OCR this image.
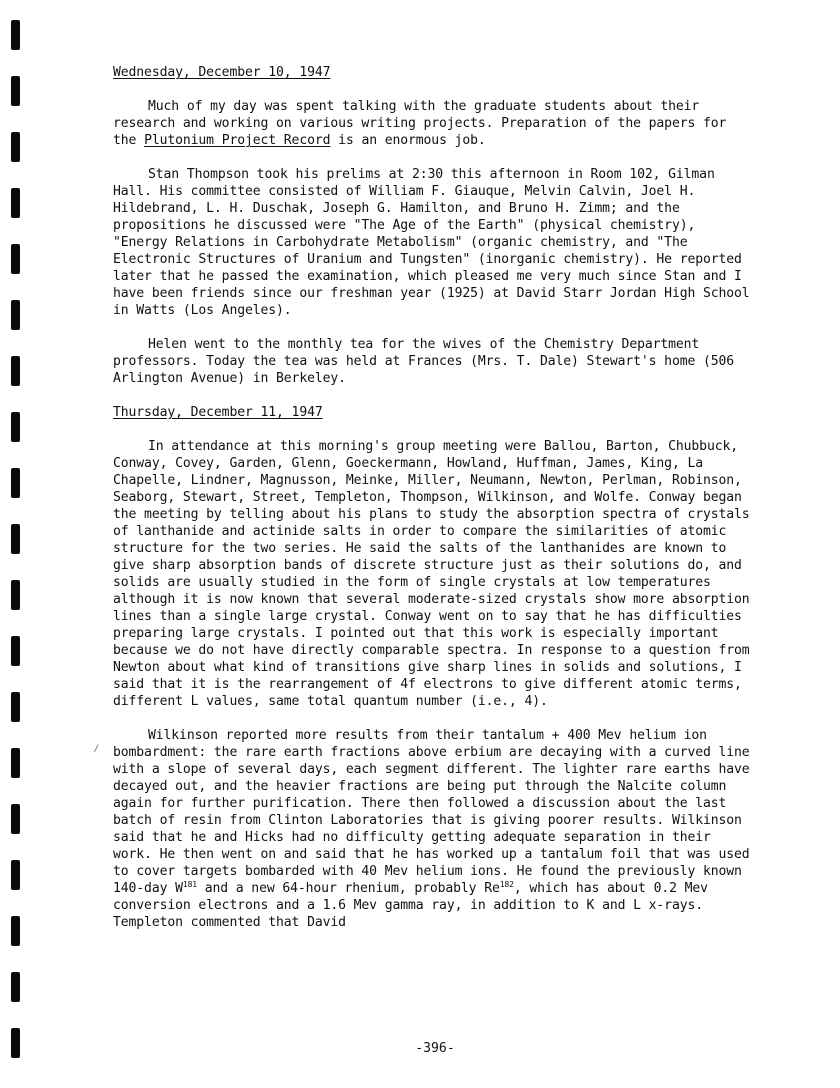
⁄
Wednesday, December 10, 1947

Much of my day was spent talking with the graduate students about their research and working on various writing projects. Preparation of the papers for the Plutonium Project Record is an enormous job.

Stan Thompson took his prelims at 2:30 this afternoon in Room 102, Gilman Hall. His committee consisted of William F. Giauque, Melvin Calvin, Joel H. Hildebrand, L. H. Duschak, Joseph G. Hamilton, and Bruno H. Zimm; and the propositions he discussed were "The Age of the Earth" (physical chemistry), "Energy Relations in Carbohydrate Metabolism" (organic chemistry, and "The Electronic Structures of Uranium and Tungsten" (inorganic chemistry). He reported later that he passed the examination, which pleased me very much since Stan and I have been friends since our freshman year (1925) at David Starr Jordan High School in Watts (Los Angeles).

Helen went to the monthly tea for the wives of the Chemistry Department professors. Today the tea was held at Frances (Mrs. T. Dale) Stewart's home (506 Arlington Avenue) in Berkeley.

Thursday, December 11, 1947

In attendance at this morning's group meeting were Ballou, Barton, Chubbuck, Conway, Covey, Garden, Glenn, Goeckermann, Howland, Huffman, James, King, La Chapelle, Lindner, Magnusson, Meinke, Miller, Neumann, Newton, Perlman, Robinson, Seaborg, Stewart, Street, Templeton, Thompson, Wilkinson, and Wolfe. Conway began the meeting by telling about his plans to study the absorption spectra of crystals of lanthanide and actinide salts in order to compare the similarities of atomic structure for the two series. He said the salts of the lanthanides are known to give sharp absorption bands of discrete structure just as their solutions do, and solids are usually studied in the form of single crystals at low temperatures although it is now known that several moderate-sized crystals show more absorption lines than a single large crystal. Conway went on to say that he has difficulties preparing large crystals. I pointed out that this work is especially important because we do not have directly comparable spectra. In response to a question from Newton about what kind of transitions give sharp lines in solids and solutions, I said that it is the rearrangement of 4f electrons to give different atomic terms, different L values, same total quantum number (i.e., 4).

Wilkinson reported more results from their tantalum + 400 Mev helium ion bombardment: the rare earth fractions above erbium are decaying with a curved line with a slope of several days, each segment different. The lighter rare earths have decayed out, and the heavier fractions are being put through the Nalcite column again for further purification. There then followed a discussion about the last batch of resin from Clinton Laboratories that is giving poorer results. Wilkinson said that he and Hicks had no difficulty getting adequate separation in their work. He then went on and said that he has worked up a tantalum foil that was used to cover targets bombarded with 40 Mev helium ions. He found the previously known 140-day $W^{181}$ and a new 64-hour rhenium, probably Re$^{182}$, which has about 0.2 Mev conversion electrons and a 1.6 Mev gamma ray, in addition to K and L x-rays. Templeton commented that David

-396-
